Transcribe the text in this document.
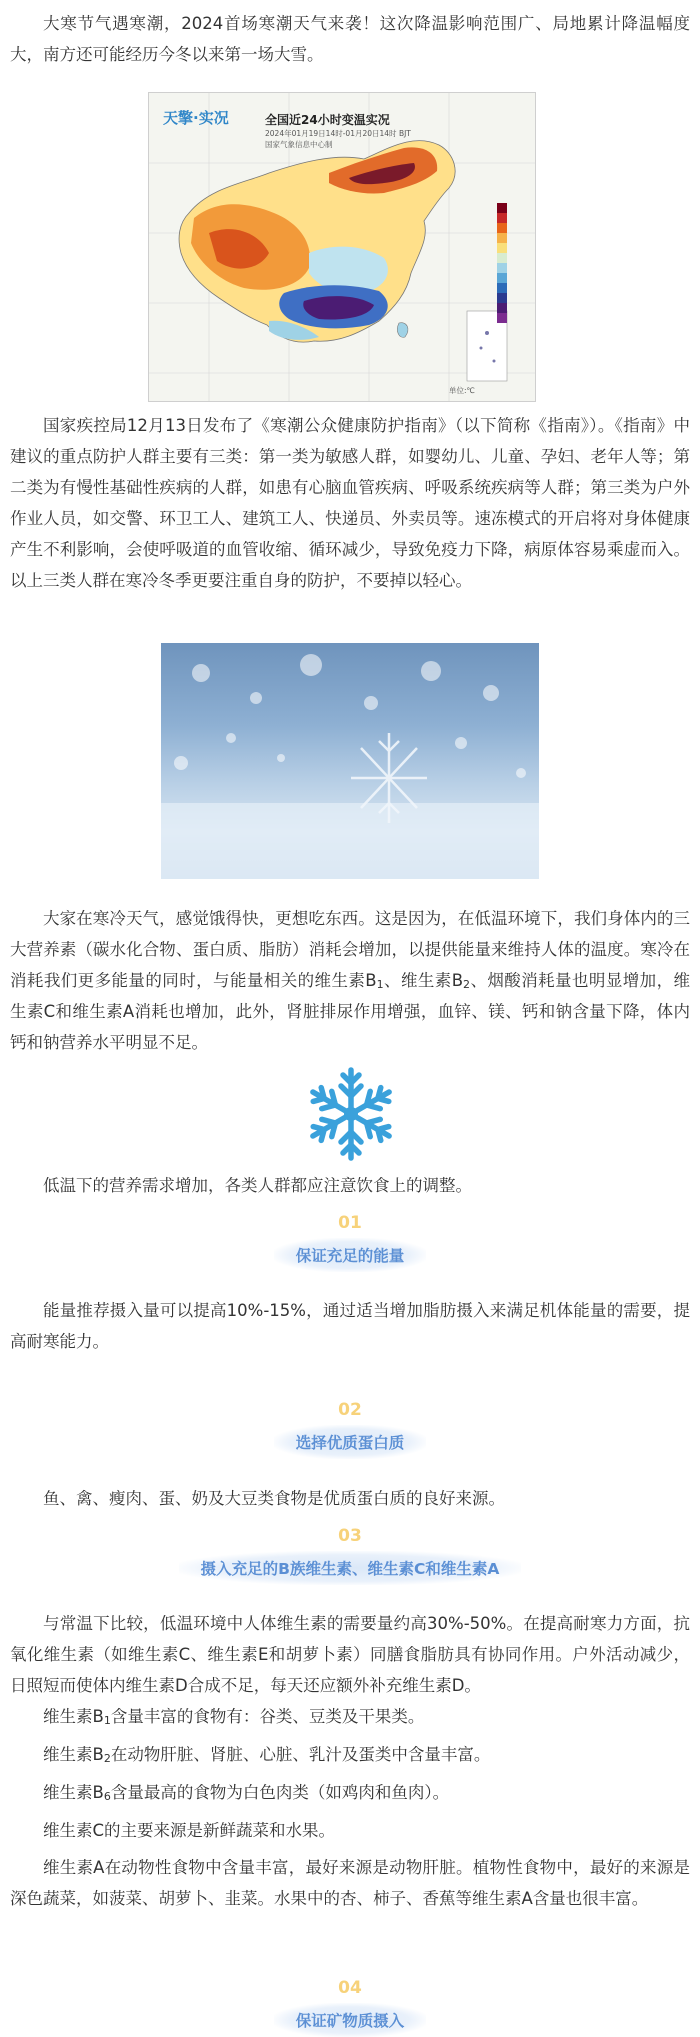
大寒节气遇寒潮，2024首场寒潮天气来袭！这次降温影响范围广、局地累计降温幅度大，南方还可能经历今冬以来第一场大雪。

天擎·实况	全国近24小时变温实况
2024年01月19日14时-01月20日14时 BJT
国家气象信息中心制
单位:℃

国家疾控局12月13日发布了《寒潮公众健康防护指南》（以下简称《指南》）。《指南》中建议的重点防护人群主要有三类：第一类为敏感人群，如婴幼儿、儿童、孕妇、老年人等；第二类为有慢性基础性疾病的人群，如患有心脑血管疾病、呼吸系统疾病等人群；第三类为户外作业人员，如交警、环卫工人、建筑工人、快递员、外卖员等。速冻模式的开启将对身体健康产生不利影响，会使呼吸道的血管收缩、循环减少，导致免疫力下降，病原体容易乘虚而入。以上三类人群在寒冷冬季更要注重自身的防护，不要掉以轻心。

大家在寒冷天气，感觉饿得快，更想吃东西。这是因为，在低温环境下，我们身体内的三大营养素（碳水化合物、蛋白质、脂肪）消耗会增加，以提供能量来维持人体的温度。寒冷在消耗我们更多能量的同时，与能量相关的维生素$B_1$、维生素$B_2$、烟酸消耗量也明显增加，维生素C和维生素A消耗也增加，此外，肾脏排尿作用增强，血锌、镁、钙和钠含量下降，体内钙和钠营养水平明显不足。

低温下的营养需求增加，各类人群都应注意饮食上的调整。

01
保证充足的能量

能量推荐摄入量可以提高10%-15%，通过适当增加脂肪摄入来满足机体能量的需要，提高耐寒能力。

02
选择优质蛋白质

鱼、禽、瘦肉、蛋、奶及大豆类食物是优质蛋白质的良好来源。

03
摄入充足的B族维生素、维生素C和维生素A

与常温下比较，低温环境中人体维生素的需要量约高30%-50%。在提高耐寒力方面，抗氧化维生素（如维生素C、维生素E和胡萝卜素）同膳食脂肪具有协同作用。户外活动减少，日照短而使体内维生素D合成不足，每天还应额外补充维生素D。

维生素$B_1$含量丰富的食物有：谷类、豆类及干果类。

维生素$B_2$在动物肝脏、肾脏、心脏、乳汁及蛋类中含量丰富。

维生素$B_6$含量最高的食物为白色肉类（如鸡肉和鱼肉）。

维生素C的主要来源是新鲜蔬菜和水果。

维生素A在动物性食物中含量丰富，最好来源是动物肝脏。植物性食物中，最好的来源是深色蔬菜，如菠菜、胡萝卜、韭菜。水果中的杏、柿子、香蕉等维生素A含量也很丰富。

04
保证矿物质摄入
